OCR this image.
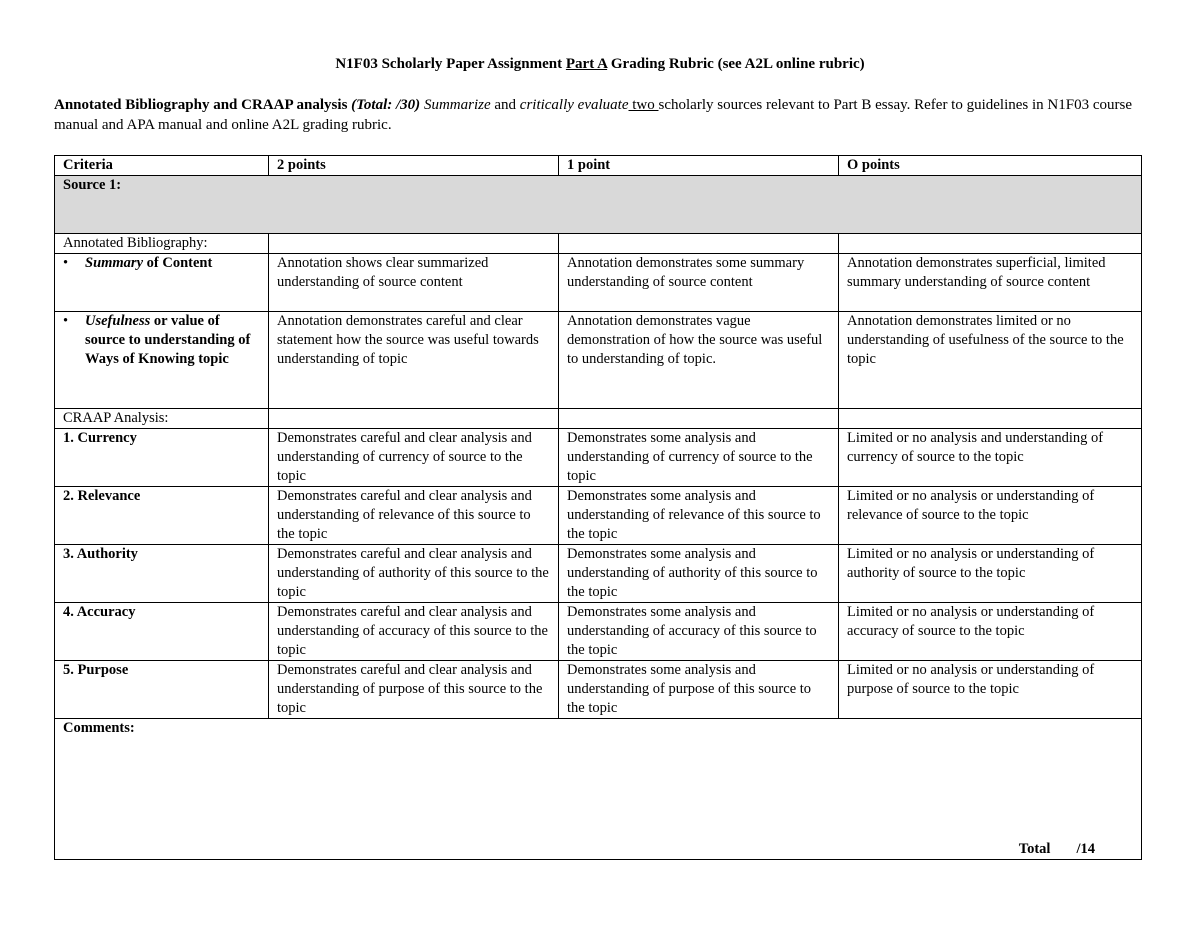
N1F03 Scholarly Paper Assignment Part A Grading Rubric (see A2L online rubric)
Annotated Bibliography and CRAAP analysis (Total: /30) Summarize and critically evaluate two scholarly sources relevant to Part B essay. Refer to guidelines in N1F03 course manual and APA manual and online A2L grading rubric.
Criteria	2 points	1 point	O points
Source 1:			
Annotated Bibliography:			

• Summary of Content	Annotation shows clear summarized understanding of source content	Annotation demonstrates some summary understanding of source content	Annotation demonstrates superficial, limited summary understanding of source content

• Usefulness or value of source to understanding of Ways of Knowing topic	Annotation demonstrates careful and clear statement how the source was useful towards understanding of topic	Annotation demonstrates vague demonstration of how the source was useful to understanding of topic.	Annotation demonstrates limited or no understanding of usefulness of the source to the topic
CRAAP Analysis:			
1. Currency	Demonstrates careful and clear analysis and understanding of currency of source to the topic	Demonstrates some analysis and understanding of currency of source to the topic	Limited or no analysis and understanding of currency of source to the topic
2. Relevance	Demonstrates careful and clear analysis and understanding of relevance of this source to the topic	Demonstrates some analysis and understanding of relevance of this source to the topic	Limited or no analysis or understanding of relevance of source to the topic
3. Authority	Demonstrates careful and clear analysis and understanding of authority of this source to the topic	Demonstrates some analysis and understanding of authority of this source to the topic	Limited or no analysis or understanding of authority of source to the topic
4. Accuracy	Demonstrates careful and clear analysis and understanding of accuracy of this source to the topic	Demonstrates some analysis and understanding of accuracy of this source to the topic	Limited or no analysis or understanding of accuracy of source to the topic
5. Purpose	Demonstrates careful and clear analysis and understanding of purpose of this source to the topic	Demonstrates some analysis and understanding of purpose of this source to the topic	Limited or no analysis or understanding of purpose of source to the topic

Comments:
Total /14			
